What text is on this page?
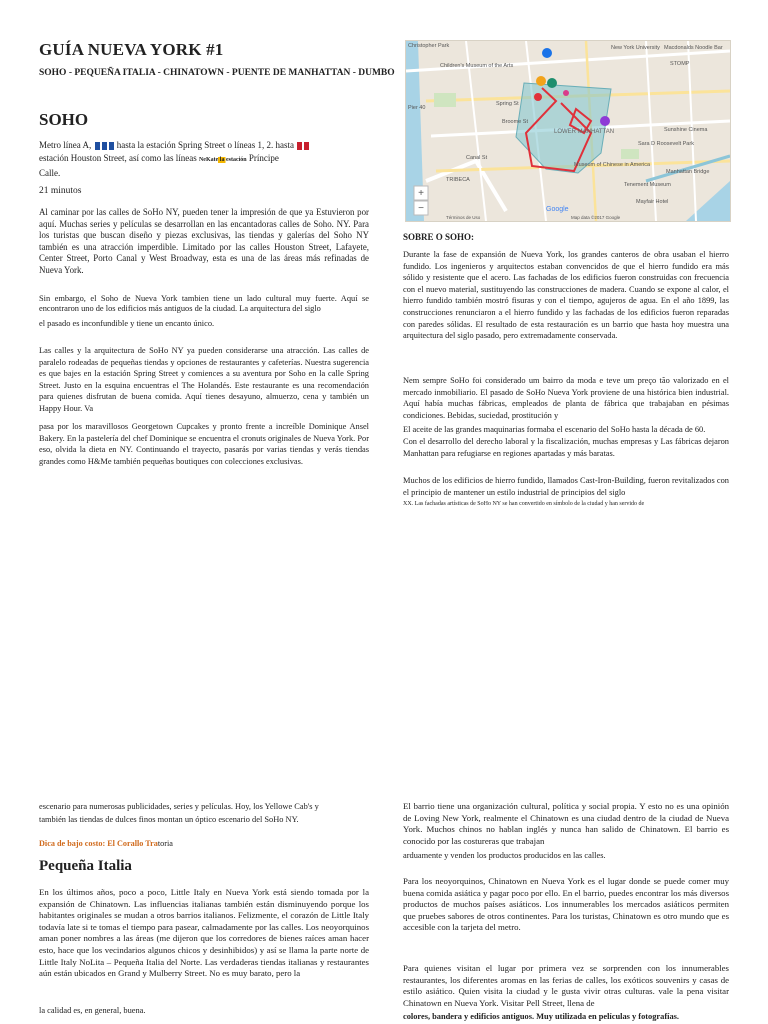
GUÍA NUEVA YORK #1
SOHO - PEQUEÑA ITALIA - CHINATOWN - PUENTE DE MANHATTAN - DUMBO
SOHO
Metro línea A,	hasta la estación Spring Street o líneas 1, 2. hasta
estación Houston Street, así como las líneas NeKate la estación Príncipe
Calle.
21 minutos

Al caminar por las calles de SoHo NY, pueden tener la impresión de que ya Estuvieron por aquí. Muchas series y películas se desarrollan en las encantadoras calles de Soho. NY. Para los turistas que buscan diseño y piezas exclusivas, las tiendas y galerías del Soho NY también es una atracción imperdible. Limitado por las calles Houston Street, Lafayete, Center Street, Porto Canal y West Broadway, esta es una de las áreas más refinadas de Nueva York.

Sin embargo, el Soho de Nueva York tambien tiene un lado cultural muy fuerte. Aquí se encontraron uno de los edificios más antiguos de la ciudad. La arquitectura del siglo

el pasado es inconfundible y tiene un encanto único.

Las calles y la arquitectura de SoHo NY ya pueden considerarse una atracción. Las calles de paralelo rodeadas de pequeñas tiendas y opciones de restaurantes y cafeterías. Nuestra sugerencia es que bajes en la estación Spring Street y comiences a su aventura por Soho en la calle Spring Street. Justo en la esquina encuentras el The Holandés. Este restaurante es una recomendación para quienes disfrutan de buena comida. Aquí tienes desayuno, almuerzo, cena y también un Happy Hour. Va

pasa por los maravillosos Georgetown Cupcakes y pronto frente a increíble Dominique Ansel Bakery. En la pastelería del chef Dominique se encuentra el cronuts originales de Nueva York. Por eso, olvida la dieta en NY. Continuando el trayecto, pasarás por varias tiendas y verás tiendas grandes como H&Me también pequeñas boutiques con colecciones exclusivas.

+
−
Christopher Park	New York University Macdonalds Noodle Bar
Children's Museum of the Arts	STOMP
Pier 40
LOWER MANHATTAN	Sunshine Cinema
Museum of Chinese in America
Manhattan Bridge
Tenement Museum
Sara D Roosevelt Park
Canal St
Spring St
Broome St
Google
Map data ©2017 Google
Términos de Uso
TRIBECA
Mayfair Hotel
SOBRE O SOHO:

Durante la fase de expansión de Nueva York, los grandes canteros de obra usaban el hierro fundido. Los ingenieros y arquitectos estaban convencidos de que el hierro fundido era más sólido y resistente que el acero. Las fachadas de los edificios fueron construidas con frecuencia con el nuevo material, sustituyendo las construcciones de madera. Cuando se expone al calor, el hierro fundido también mostró fisuras y con el tiempo, agujeros de agua. En el año 1899, las construcciones renunciaron a el hierro fundido y las fachadas de los edificios fueron reparadas con paredes sólidas. El resultado de esta restauración es un barrio que hasta hoy muestra una arquitectura del siglo pasado, pero extremadamente conservada.

Nem sempre SoHo foi considerado um bairro da moda e teve um preço tão valorizado en el mercado inmobiliario. El pasado de SoHo Nueva York proviene de una histórica bien industrial. Aquí había muchas fábricas, empleados de planta de fábrica que trabajaban en pésimas condiciones. Bebidas, suciedad, prostitución y

El aceite de las grandes maquinarias formaba el escenario del SoHo hasta la década de 60.

Con el desarrollo del derecho laboral y la fiscalización, muchas empresas y Las fábricas dejaron Manhattan para refugiarse en regiones apartadas y más baratas.

Muchos de los edificios de hierro fundido, llamados Cast-Iron-Building, fueron revitalizados con el principio de mantener un estilo industrial de principios del siglo

XX. Las fachadas artísticas de SoHo NY se han convertido en símbolo de la ciudad y han servido de

escenario para numerosas publicidades, series y películas. Hoy, los Yellowe Cab's y

también las tiendas de dulces finos montan un óptico escenario del SoHo NY.

Dica de bajo costo: El Corallo Tratoria
Pequeña Italia

En los últimos años, poco a poco, Little Italy en Nueva York está siendo tomada por la expansión de Chinatown. Las influencias italianas también están disminuyendo porque los habitantes originales se mudan a otros barrios italianos. Felizmente, el corazón de Little Italy todavía late si te tomas el tiempo para pasear, calmadamente por las calles. Los neoyorquinos aman poner nombres a las áreas (me dijeron que los corredores de bienes raíces aman hacer esto, hace que los vecindarios algunos chicos y desinhibidos) y así se llama la parte norte de Little Italy NoLita – Pequeña Italia del Norte. Las verdaderas tiendas italianas y restaurantes aún están ubicados en Grand y Mulberry Street. No es muy barato, pero la

la calidad es, en general, buena.

El barrio tiene una organización cultural, política y social propia. Y esto no es una opinión de Loving New York, realmente el Chinatown es una ciudad dentro de la ciudad de Nueva York. Muchos chinos no hablan inglés y nunca han salido de Chinatown. El barrio es conocido por las costureras que trabajan

arduamente y venden los productos producidos en las calles.

Para los neoyorquinos, Chinatown en Nueva York es el lugar donde se puede comer muy buena comida asiática y pagar poco por ello. En el barrio, puedes encontrar los más diversos productos de muchos países asiáticos. Los innumerables los mercados asiáticos permiten que pruebes sabores de otros continentes. Para los turistas, Chinatown es otro mundo que es accesible con la tarjeta del metro.

Para quienes visitan el lugar por primera vez se sorprenden con los innumerables restaurantes, los diferentes aromas en las ferias de calles, los exóticos souvenirs y casas de estilo asiático. Quien visita la ciudad y le gusta vivir otras culturas. vale la pena visitar Chinatown en Nueva York. Visitar Pell Street, llena de

colores, bandera y edificios antiguos. Muy utilizada en películas y fotografías.
